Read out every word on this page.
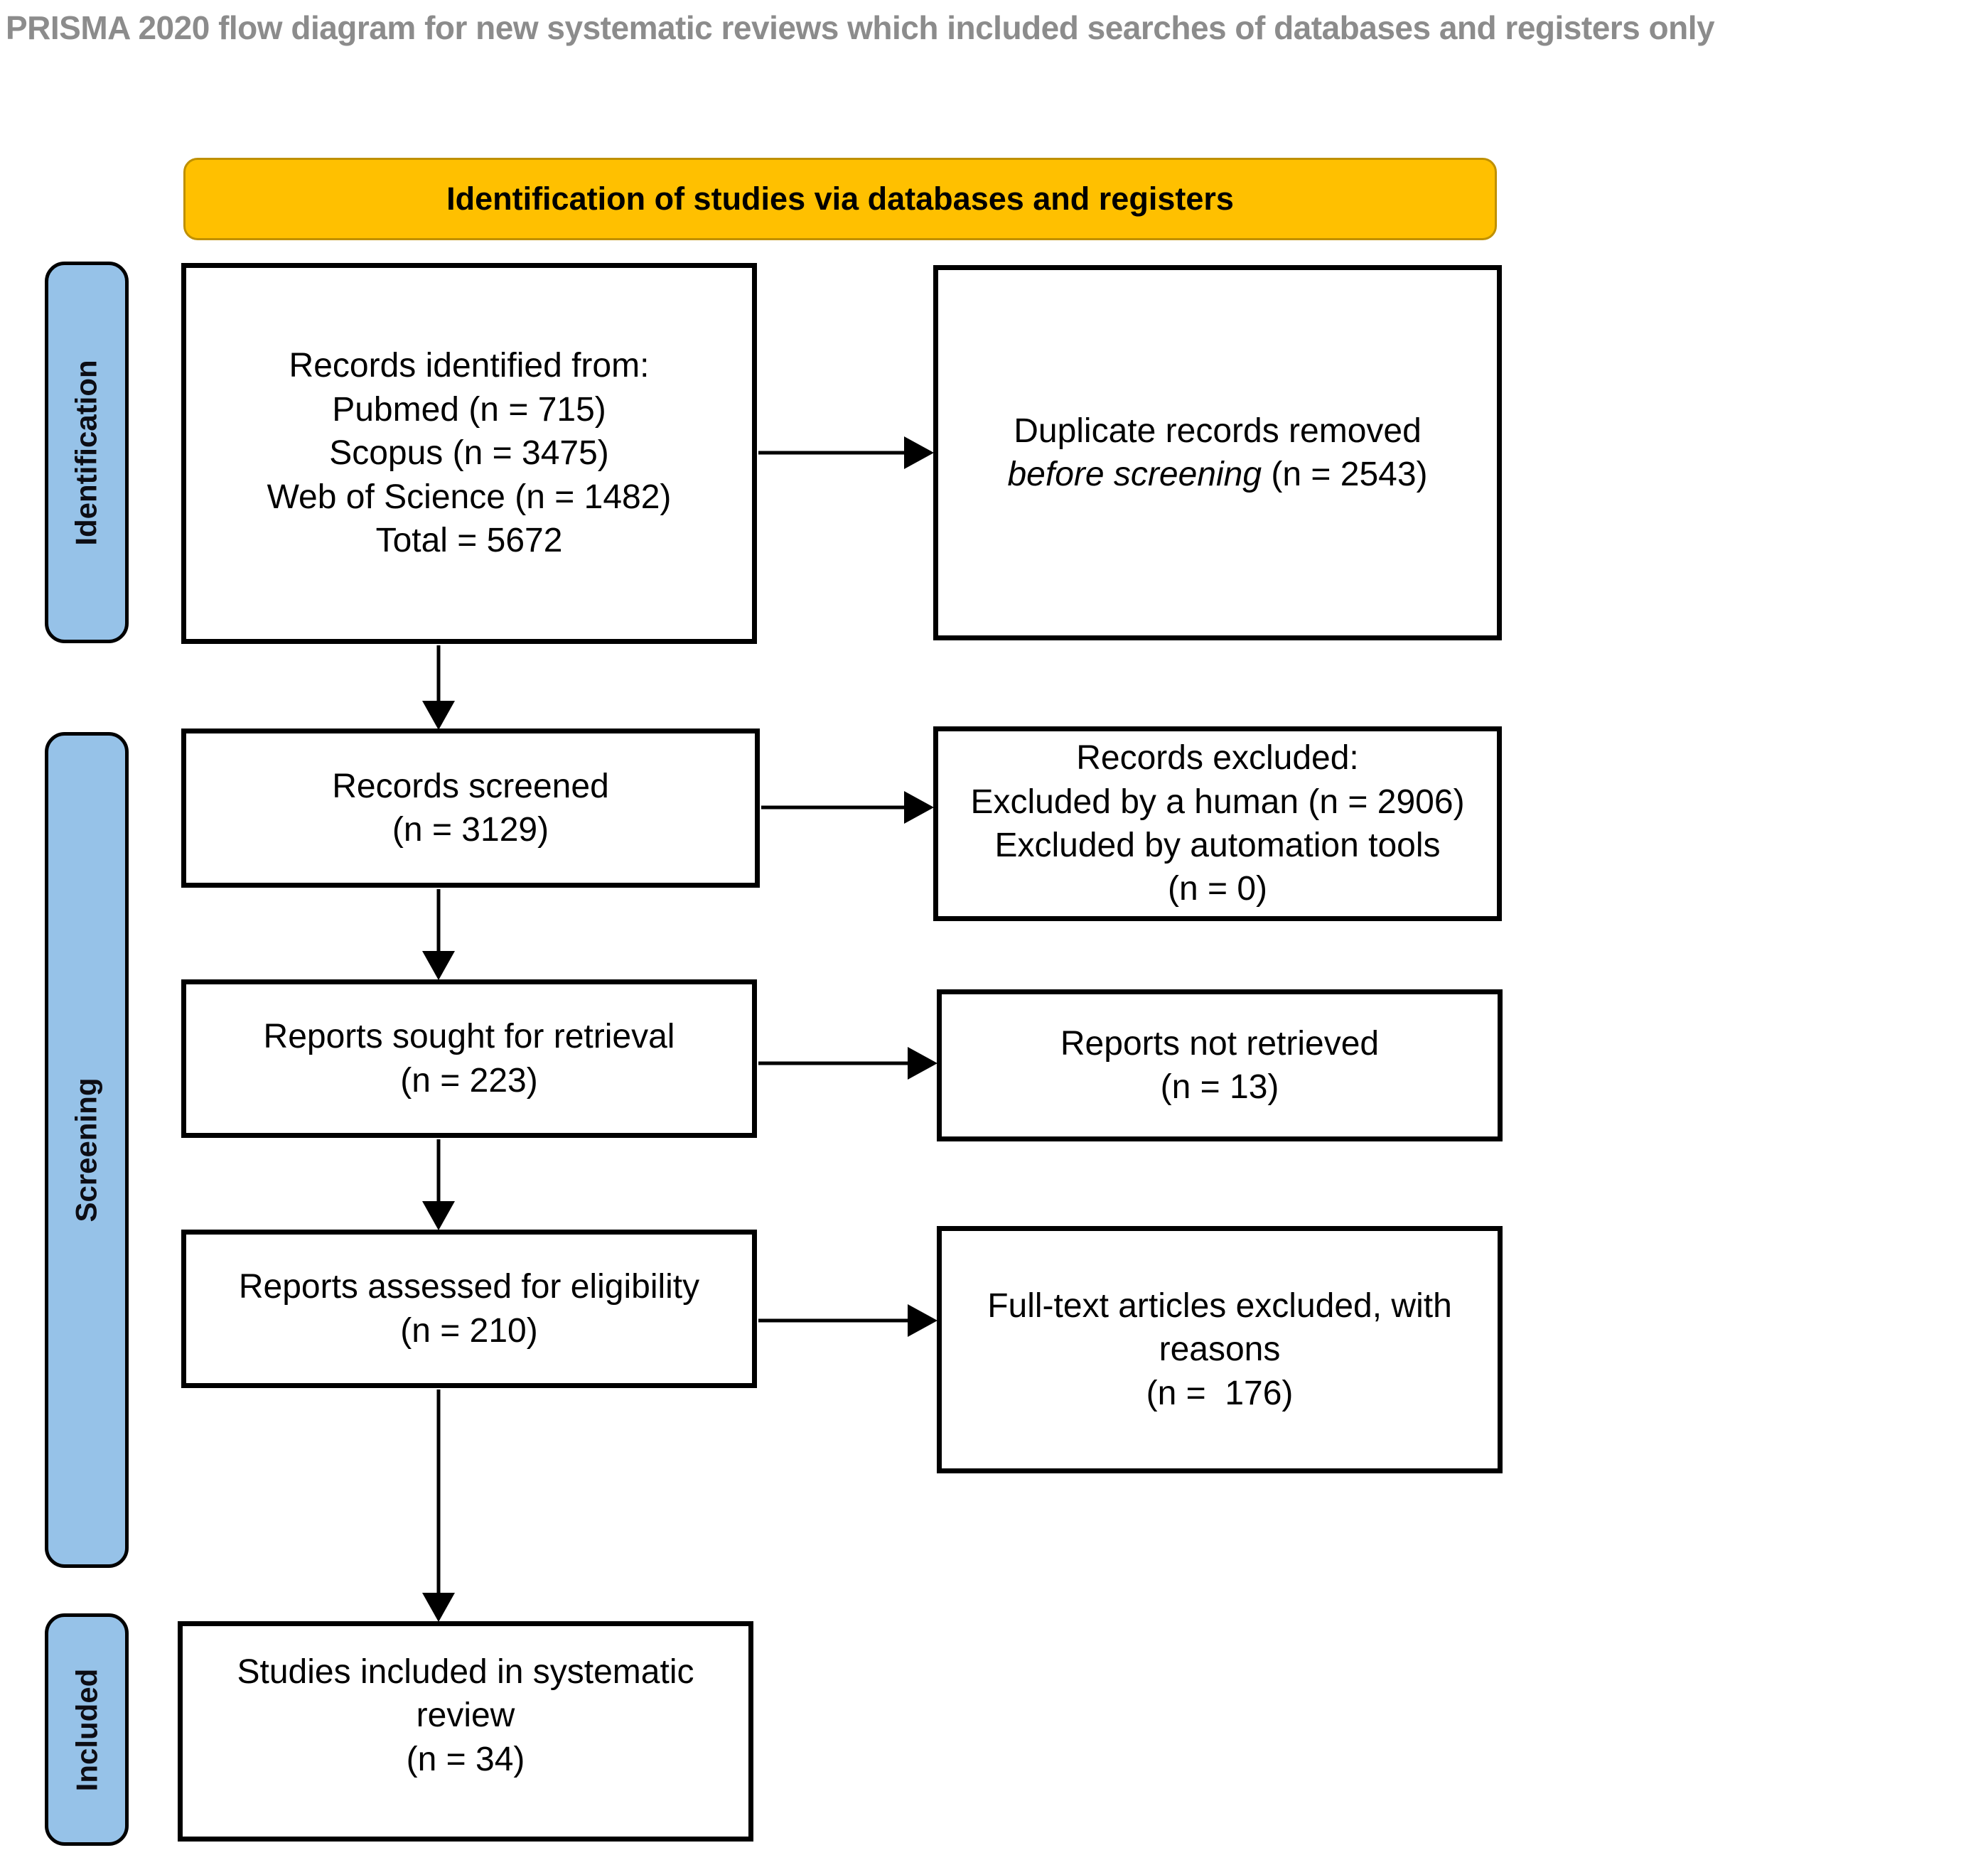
PRISMA 2020 flow diagram for new systematic reviews which included searches of databases and registers only
Identification of studies via databases and registers
Identification
Screening
Included
Records identified from:
Pubmed (n = 715)
Scopus (n = 3475)
Web of Science (n = 1482)
Total = 5672
Duplicate records removed
before screening (n = 2543)
Records screened
(n = 3129)
Records excluded:
Excluded by a human (n = 2906)
Excluded by automation tools
(n = 0)
Reports sought for retrieval
(n = 223)
Reports not retrieved
(n = 13)
Reports assessed for eligibility
(n = 210)
Full-text articles excluded, with
reasons
(n =  176)
Studies included in systematic
review
(n = 34)
